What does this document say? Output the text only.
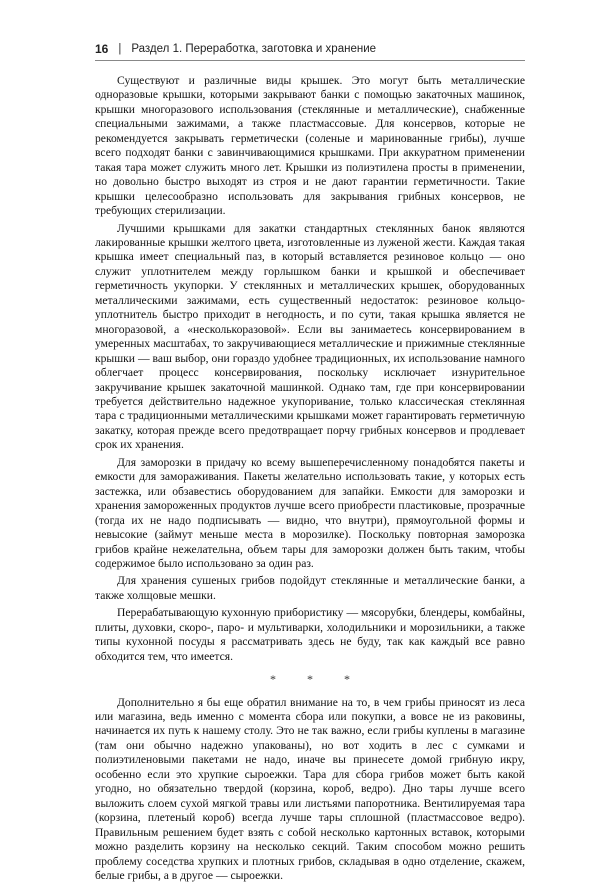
16 | Раздел 1. Переработка, заготовка и хранение

Существуют и различные виды крышек. Это могут быть металлические одноразовые крышки, которыми закрывают банки с помощью закаточных машинок, крышки многоразового использования (стеклянные и металлические), снабженные специальными зажимами, а также пластмассовые. Для консервов, которые не рекомендуется закрывать герметически (соленые и маринованные грибы), лучше всего подходят банки с завинчивающимися крышками. При аккуратном применении такая тара может служить много лет. Крышки из полиэтилена просты в применении, но довольно быстро выходят из строя и не дают гарантии герметичности. Такие крышки целесообразно использовать для закрывания грибных консервов, не требующих стерилизации.

Лучшими крышками для закатки стандартных стеклянных банок являются лакированные крышки желтого цвета, изготовленные из луженой жести. Каждая такая крышка имеет специальный паз, в который вставляется резиновое кольцо — оно служит уплотнителем между горлышком банки и крышкой и обеспечивает герметичность укупорки. У стеклянных и металлических крышек, оборудованных металлическими зажимами, есть существенный недостаток: резиновое кольцо-уплотнитель быстро приходит в негодность, и по сути, такая крышка является не многоразовой, а «несколькоразовой». Если вы занимаетесь консервированием в умеренных масштабах, то закручивающиеся металлические и прижимные стеклянные крышки — ваш выбор, они гораздо удобнее традиционных, их использование намного облегчает процесс консервирования, поскольку исключает изнурительное закручивание крышек закаточной машинкой. Однако там, где при консервировании требуется действительно надежное укупоривание, только классическая стеклянная тара с традиционными металлическими крышками может гарантировать герметичную закатку, которая прежде всего предотвращает порчу грибных консервов и продлевает срок их хранения.

Для заморозки в придачу ко всему вышеперечисленному понадобятся пакеты и емкости для замораживания. Пакеты желательно использовать такие, у которых есть застежка, или обзавестись оборудованием для запайки. Емкости для заморозки и хранения замороженных продуктов лучше всего приобрести пластиковые, прозрачные (тогда их не надо подписывать — видно, что внутри), прямоугольной формы и невысокие (займут меньше места в морозилке). Поскольку повторная заморозка грибов крайне нежелательна, объем тары для заморозки должен быть таким, чтобы содержимое было использовано за один раз.

Для хранения сушеных грибов подойдут стеклянные и металлические банки, а также холщовые мешки.

Перерабатывающую кухонную прибористику — мясорубки, блендеры, комбайны, плиты, духовки, скоро-, паро- и мультиварки, холодильники и морозильники, а также типы кухонной посуды я рассматривать здесь не буду, так как каждый все равно обходится тем, что имеется.

* * *

Дополнительно я бы еще обратил внимание на то, в чем грибы приносят из леса или магазина, ведь именно с момента сбора или покупки, а вовсе не из раковины, начинается их путь к нашему столу. Это не так важно, если грибы куплены в магазине (там они обычно надежно упакованы), но вот ходить в лес с сумками и полиэтиленовыми пакетами не надо, иначе вы принесете домой грибную икру, особенно если это хрупкие сыроежки. Тара для сбора грибов может быть какой угодно, но обязательно твердой (корзина, короб, ведро). Дно тары лучше всего выложить слоем сухой мягкой травы или листьями папоротника. Вентилируемая тара (корзина, плетеный короб) всегда лучше тары сплошной (пластмассовое ведро). Правильным решением будет взять с собой несколько картонных вставок, которыми можно разделить корзину на несколько секций. Таким способом можно решить проблему соседства хрупких и плотных грибов, складывая в одно отделение, скажем, белые грибы, а в другое — сыроежки.
